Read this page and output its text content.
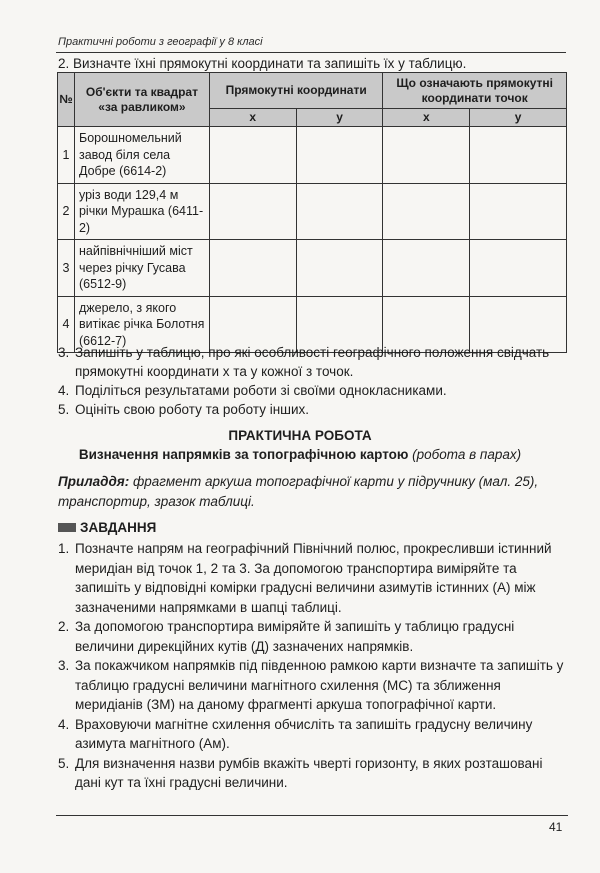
Практичні роботи з географії у 8 класі
2. Визначте їхні прямокутні координати та запишіть їх у таблицю.
№	Об'єкти та квадрат «за равликом»	Прямокутні координати		Що означають прямокутні координати точок	
		x	y	x	y
1	Борошномельний завод біля села Добре (6614-2)				
2	уріз води 129,4 м річки Мурашка (6411-2)				
3	найпівнічніший міст через річку Гусава (6512-9)				
4	джерело, з якого витікає річка Болотня (6612-7)				
3. Запишіть у таблицю, про які особливості географічного положення свідчать прямокутні координати x та y кожної з точок.
4. Поділіться результатами роботи зі своїми однокласниками.
5. Оцініть свою роботу та роботу інших.
ПРАКТИЧНА РОБОТА
Визначення напрямків за топографічною картою (робота в парах)
Приладдя: фрагмент аркуша топографічної карти у підручнику (мал. 25), транспортир, зразок таблиці.
ЗАВДАННЯ
1. Позначте напрям на географічний Північний полюс, прокресливши істинний меридіан від точок 1, 2 та 3. За допомогою транспортира виміряйте та запишіть у відповідні комірки градусні величини азимутів істинних (А) між зазначеними напрямками в шапці таблиці.
2. За допомогою транспортира виміряйте й запишіть у таблицю градусні величини дирекційних кутів (Д) зазначених напрямків.
3. За покажчиком напрямків під південною рамкою карти визначте та запишіть у таблицю градусні величини магнітного схилення (МС) та зближення меридіанів (ЗМ) на даному фрагменті аркуша топографічної карти.
4. Враховуючи магнітне схилення обчисліть та запишіть градусну величину азимута магнітного (Ам).
5. Для визначення назви румбів вкажіть чверті горизонту, в яких розташовані дані кут та їхні градусні величини.
41
